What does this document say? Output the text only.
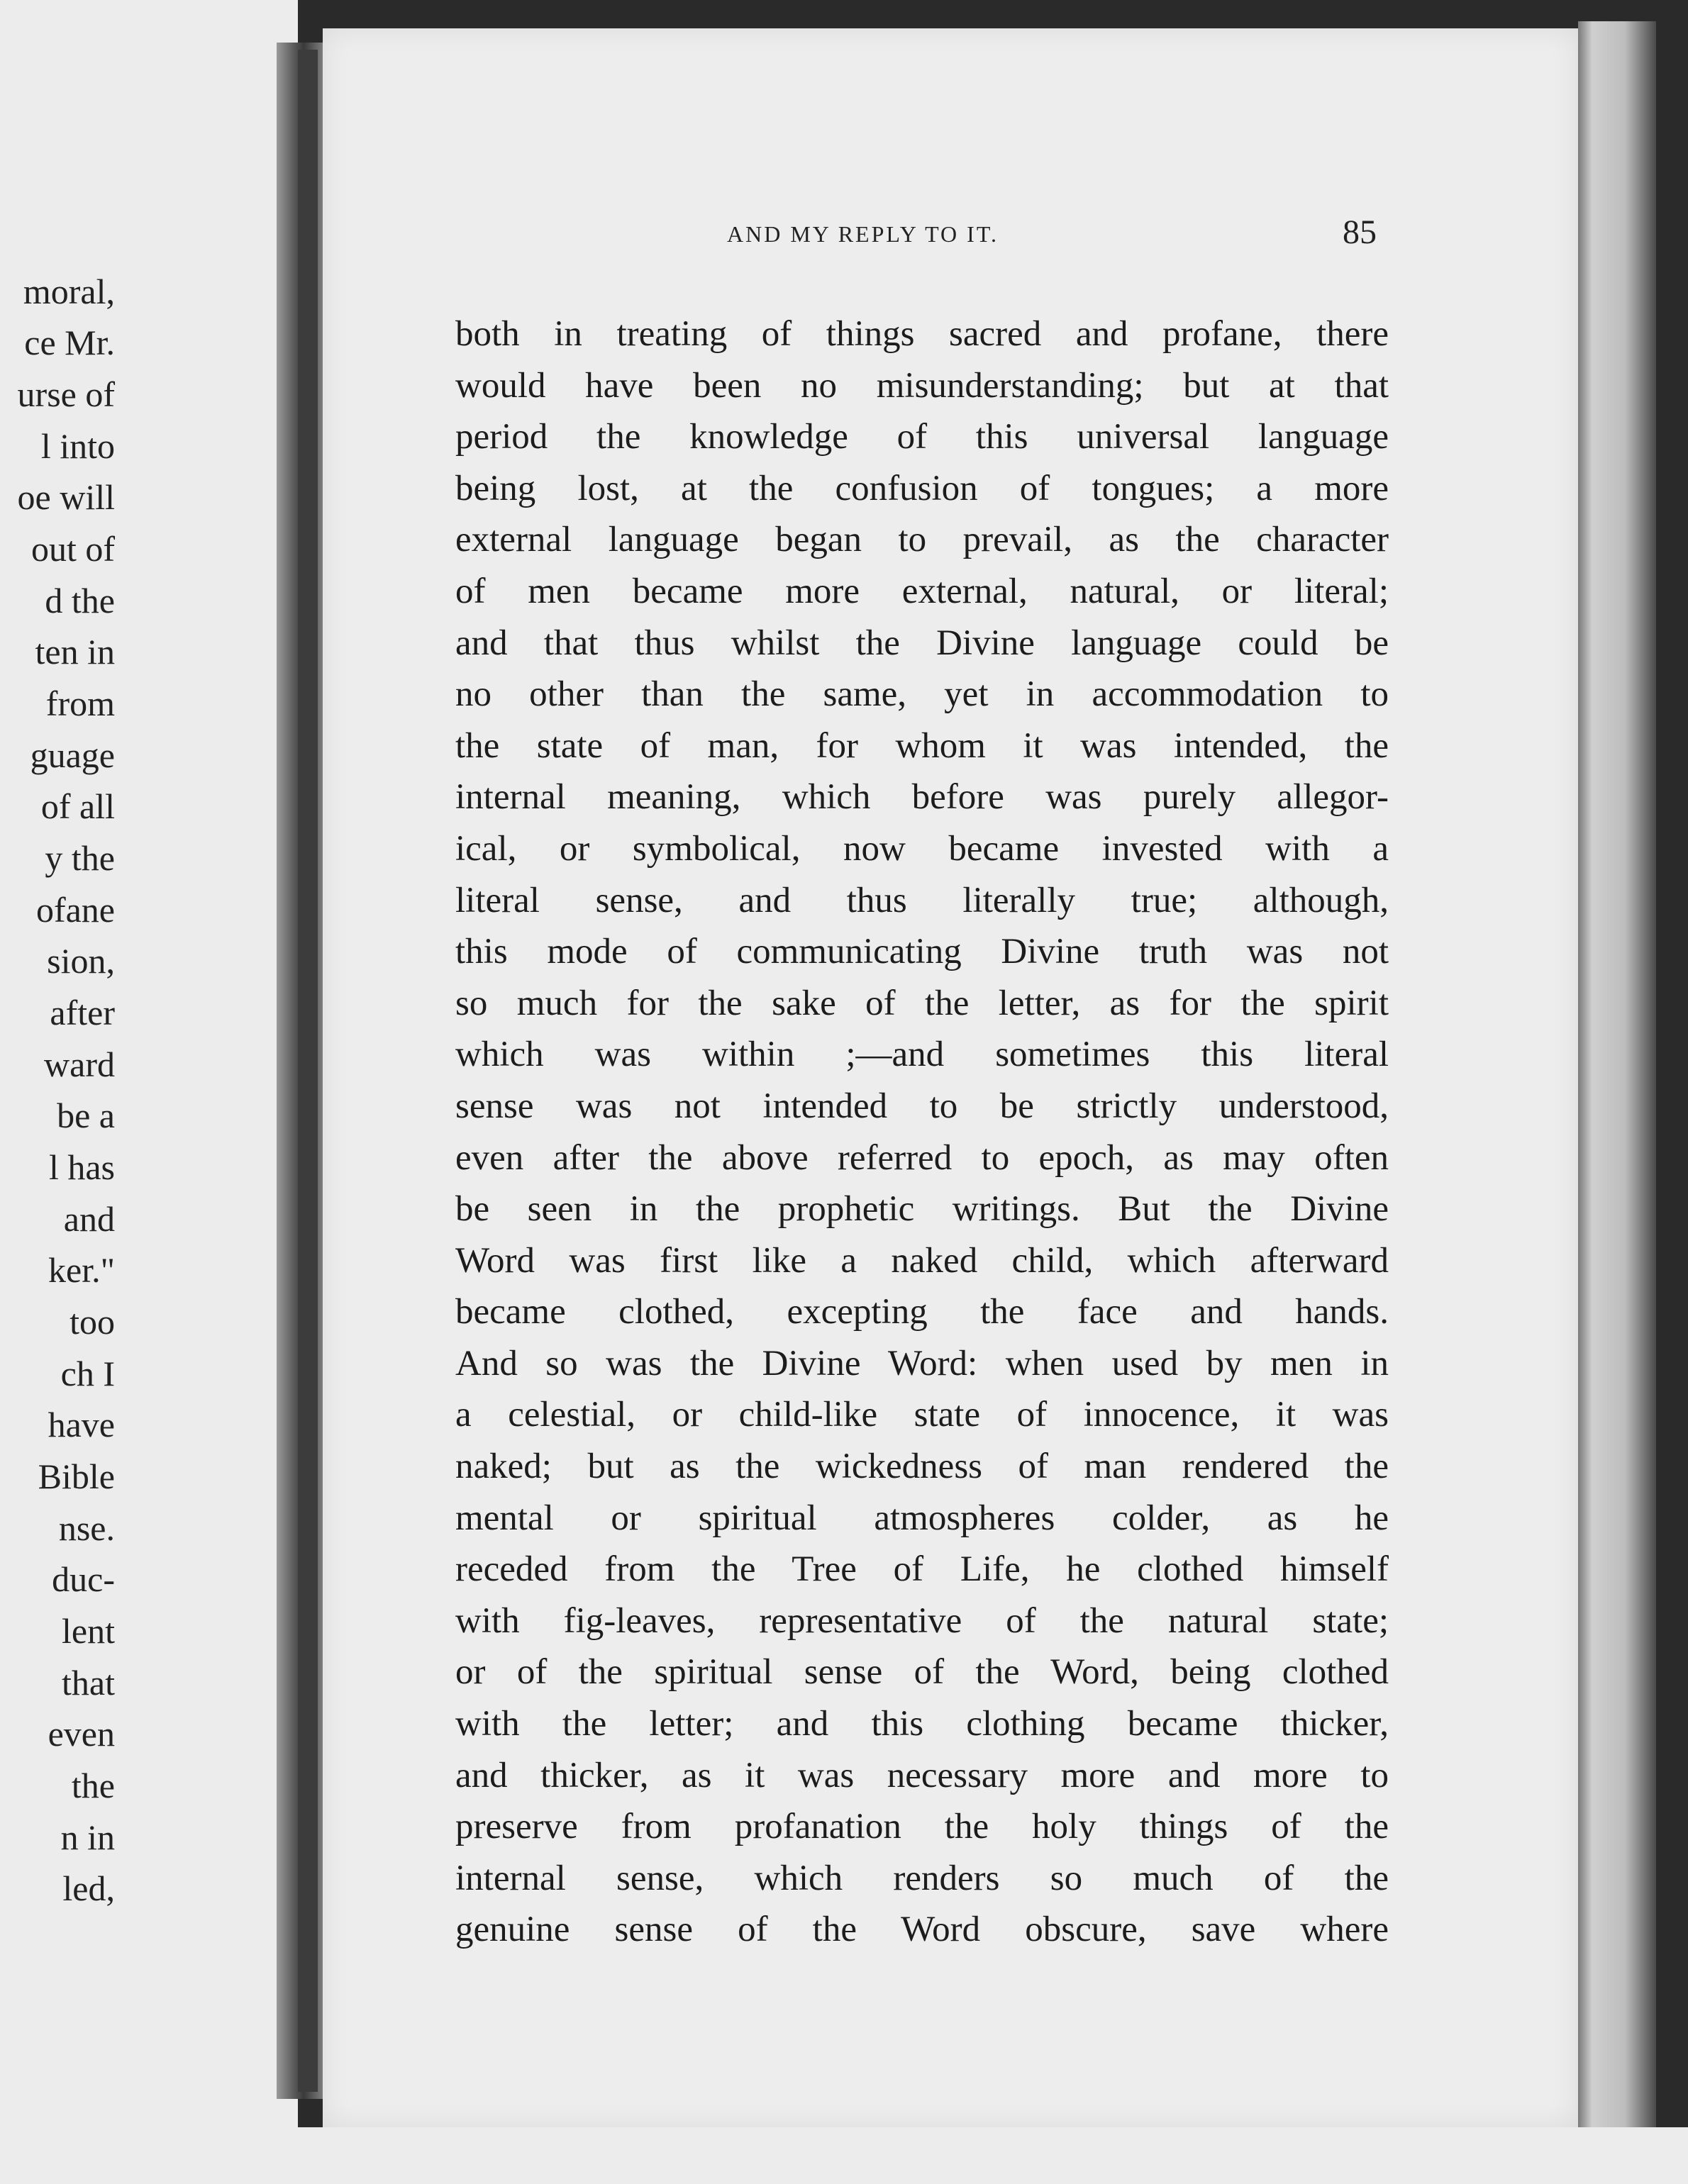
moral,
ce Mr.
urse of
l into
oe will
out of
d the
ten in
from
guage
of all
y the
ofane
sion,
after
ward
be a
l has
and
ker."
too
ch I
have
Bible
nse.
duc-
lent
that
even
the
n in
led,
AND MY REPLY TO IT.	85
both in treating of things sacred and profane, there
would have been no misunderstanding; but at that
period the knowledge of this universal language
being lost, at the confusion of tongues; a more
external language began to prevail, as the character
of men became more external, natural, or literal;
and that thus whilst the Divine language could be
no other than the same, yet in accommodation to
the state of man, for whom it was intended, the
internal meaning, which before was purely allegor-
ical, or symbolical, now became invested with a
literal sense, and thus literally true; although,
this mode of communicating Divine truth was not
so much for the sake of the letter, as for the spirit
which was within ;—and sometimes this literal
sense was not intended to be strictly understood,
even after the above referred to epoch, as may often
be seen in the prophetic writings. But the Divine
Word was first like a naked child, which afterward
became clothed, excepting the face and hands.
And so was the Divine Word: when used by men in
a celestial, or child-like state of innocence, it was
naked; but as the wickedness of man rendered the
mental or spiritual atmospheres colder, as he
receded from the Tree of Life, he clothed himself
with fig-leaves, representative of the natural state;
or of the spiritual sense of the Word, being clothed
with the letter; and this clothing became thicker,
and thicker, as it was necessary more and more to
preserve from profanation the holy things of the
internal sense, which renders so much of the
genuine sense of the Word obscure, save where
